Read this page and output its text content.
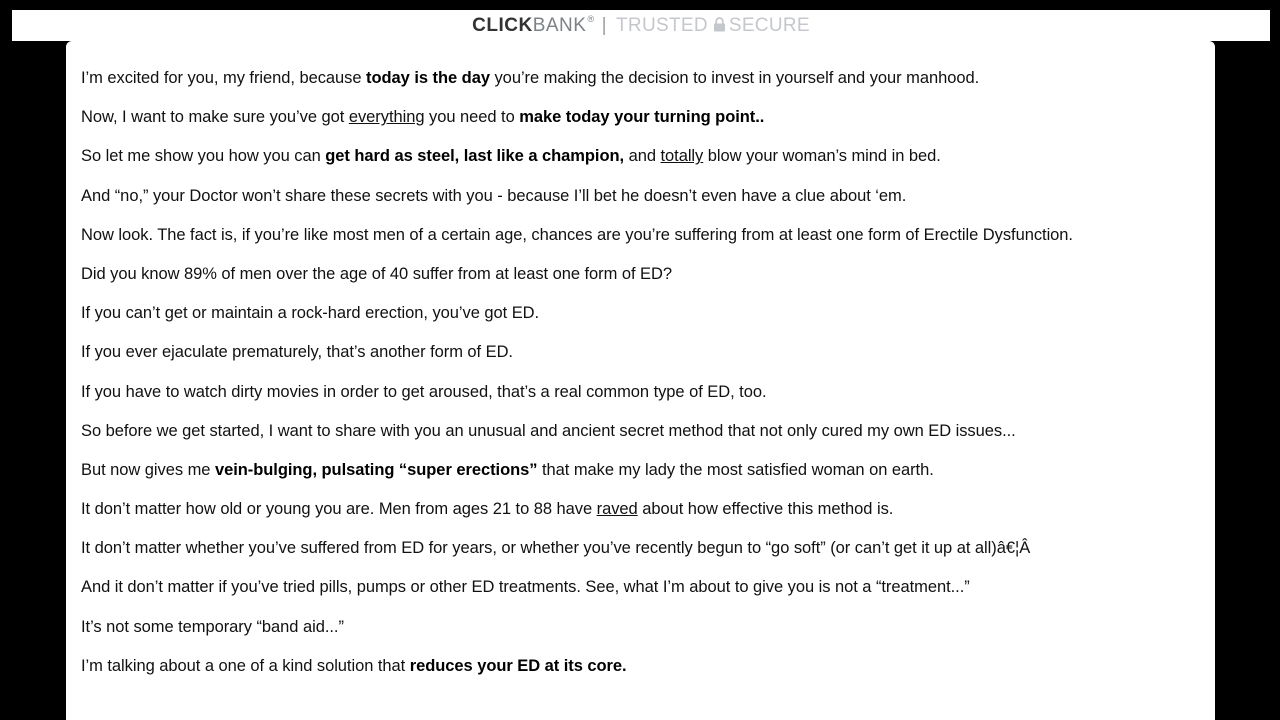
CLICK BANK ® | TRUSTED SECURE

I’m excited for you, my friend, because today is the day you’re making the decision to invest in yourself and your manhood.

Now, I want to make sure you’ve got everything you need to make today your turning point..

So let me show you how you can get hard as steel, last like a champion, and totally blow your woman’s mind in bed.

And “no,” your Doctor won’t share these secrets with you - because I’ll bet he doesn’t even have a clue about ‘em.

Now look. The fact is, if you’re like most men of a certain age, chances are you’re suffering from at least one form of Erectile Dysfunction.

Did you know 89% of men over the age of 40 suffer from at least one form of ED?

If you can’t get or maintain a rock-hard erection, you’ve got ED.

If you ever ejaculate prematurely, that’s another form of ED.

If you have to watch dirty movies in order to get aroused, that’s a real common type of ED, too.

So before we get started, I want to share with you an unusual and ancient secret method that not only cured my own ED issues...

But now gives me vein-bulging, pulsating “super erections” that make my lady the most satisfied woman on earth.

It don’t matter how old or young you are. Men from ages 21 to 88 have raved about how effective this method is.

It don’t matter whether you’ve suffered from ED for years, or whether you’ve recently begun to “go soft” (or can’t get it up at all)â€¦Â

And it don’t matter if you’ve tried pills, pumps or other ED treatments. See, what I’m about to give you is not a “treatment...”

It’s not some temporary “band aid...”

I’m talking about a one of a kind solution that reduces your ED at its core.
